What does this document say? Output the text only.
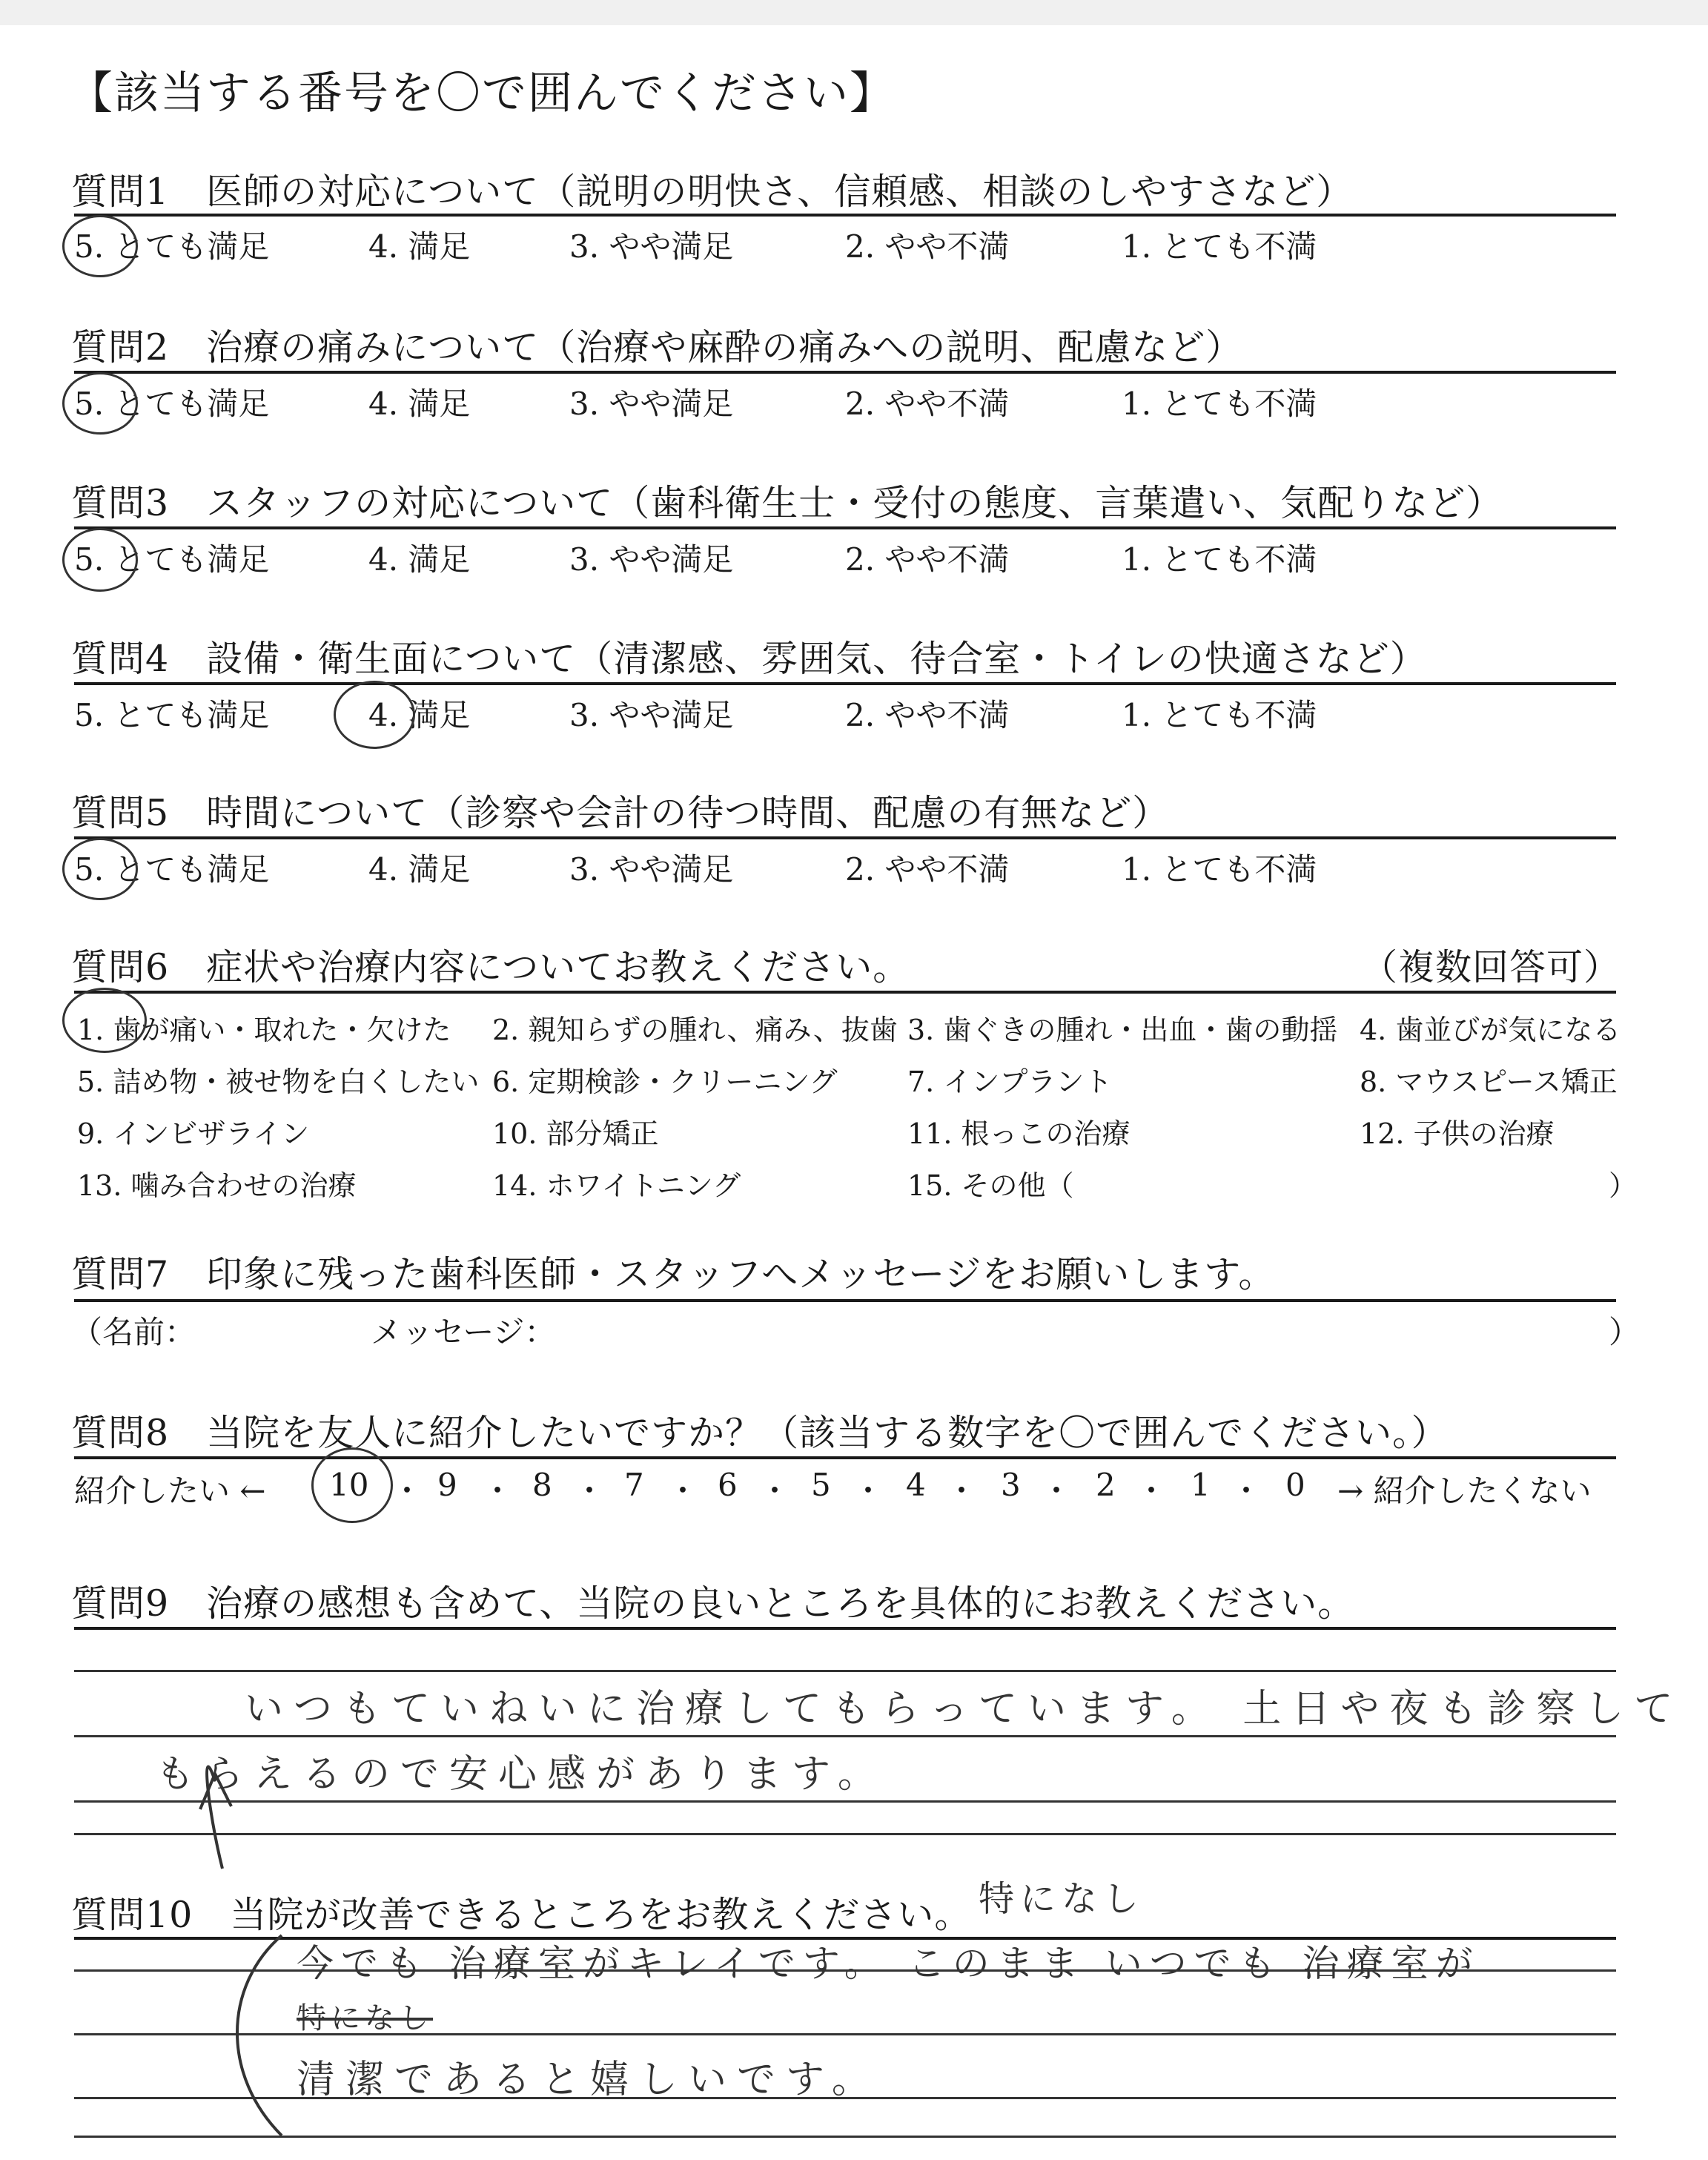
【該当する番号を〇で囲んでください】
質問1　医師の対応について（説明の明快さ、信頼感、相談のしやすさなど）
5. とても満足	4. 満足	3. やや満足	2. やや不満	1. とても不満
質問2　治療の痛みについて（治療や麻酔の痛みへの説明、配慮など）
5. とても満足	4. 満足	3. やや満足	2. やや不満	1. とても不満
質問3　スタッフの対応について（歯科衛生士・受付の態度、言葉遣い、気配りなど）
5. とても満足	4. 満足	3. やや満足	2. やや不満	1. とても不満
質問4　設備・衛生面について（清潔感、雰囲気、待合室・トイレの快適さなど）
5. とても満足	4. 満足	3. やや満足	2. やや不満	1. とても不満
質問5　時間について（診察や会計の待つ時間、配慮の有無など）
5. とても満足	4. 満足	3. やや満足	2. やや不満	1. とても不満
質問6　症状や治療内容についてお教えください。	（複数回答可）
1. 歯が痛い・取れた・欠けた 2. 親知らずの腫れ、痛み、抜歯 3. 歯ぐきの腫れ・出血・歯の動揺 4. 歯並びが気になる
5. 詰め物・被せ物を白くしたい 6. 定期検診・クリーニング 7. インプラント	8. マウスピース矯正
9. インビザライン	10. 部分矯正	11. 根っこの治療	12. 子供の治療
13. 噛み合わせの治療	14. ホワイトニング	15. その他（	）
質問7　印象に残った歯科医師・スタッフへメッセージをお願いします。
（名前：	メッセージ：	）
質問8　当院を友人に紹介したいですか？（該当する数字を〇で囲んでください。）
紹介したい ← 10 ・ 9 ・ 8 ・ 7 ・ 6 ・ 5 ・ 4 ・ 3 ・ 2 ・ 1 ・ 0 → 紹介したくない
質問9　治療の感想も含めて、当院の良いところを具体的にお教えください。
いつもていねいに治療してもらっています。 土日や夜も診察して
もらえるので安心感があります。
質問10　当院が改善できるところをお教えください。 特になし
今でも 治療室がキレイです。 このまま いつでも 治療室が
特になし
清潔であると嬉しいです。
